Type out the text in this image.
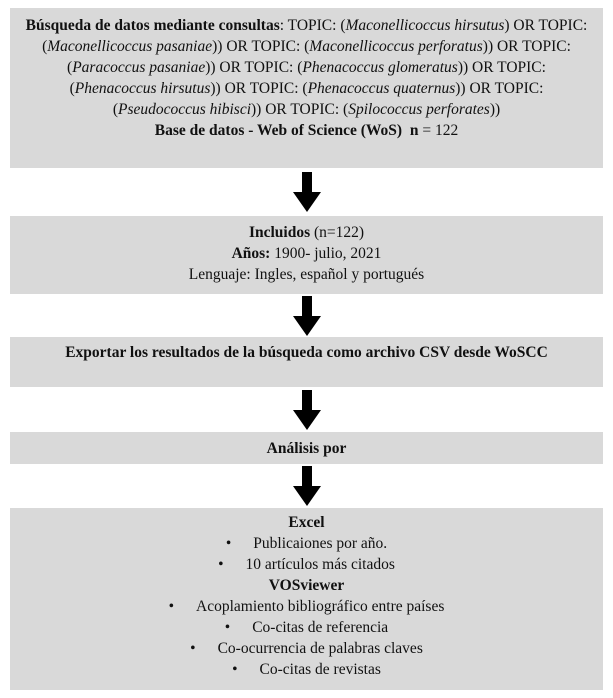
Búsqueda de datos mediante consultas: TOPIC: (Maconellicoccus hirsutus) OR TOPIC: (Maconellicoccus pasaniae)) OR TOPIC: (Maconellicoccus perforatus)) OR TOPIC: (Paracoccus pasaniae)) OR TOPIC: (Phenacoccus glomeratus)) OR TOPIC: (Phenacoccus hirsutus)) OR TOPIC: (Phenacoccus quaternus)) OR TOPIC: (Pseudococcus hibisci)) OR TOPIC: (Spilococcus perforates))
Base de datos - Web of Science (WoS) n = 122
Incluidos (n=122)
Años: 1900- julio, 2021
Lenguaje: Ingles, español y portugués
Exportar los resultados de la búsqueda como archivo CSV desde WoSCC
Análisis por
Excel
• Publicaiones por año.
• 10 artículos más citados
VOSviewer
• Acoplamiento bibliográfico entre países
• Co-citas de referencia
• Co-ocurrencia de palabras claves
• Co-citas de revistas
